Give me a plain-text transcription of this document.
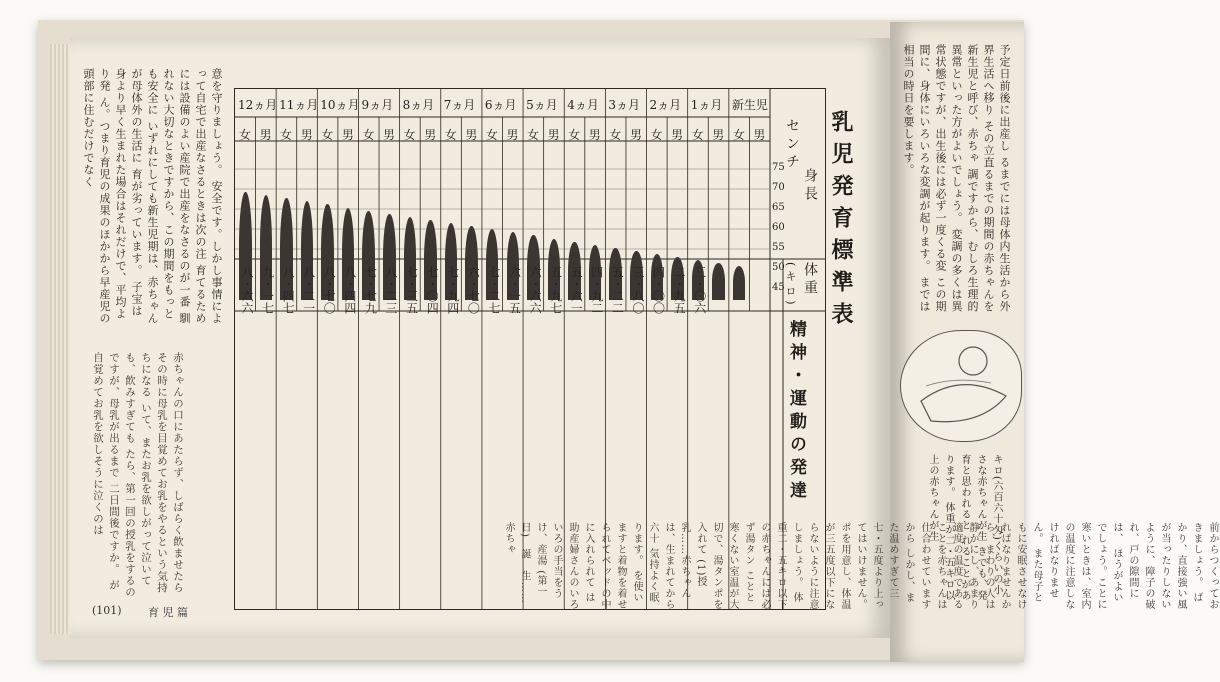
意を守りましょう。 安全です。しかし事情によって自宅で出産なさるときは次の注 育てるためには設備のよい産院で出産をなさるのが一番 馴れない大切なときですから、この期間をもっとも安全に いずれにしても新生児期は、赤ちゃんが母体外の生活に 育が劣っています。 子宝は身より早く生まれた場合はそれだけで、平均より発 ん。つまり育児の成果のほかから早産児の頭部に住むだけでなく	乳児発育標準表
精神・運動の発達
身長
センチ
体重
(キロ)
75
70
65
60
55
50
45
12ヵ月 11ヵ月 10ヵ月 9ヵ月 8ヵ月 7ヵ月 6ヵ月 5ヵ月 4ヵ月 3ヵ月 2ヵ月 1ヵ月 新生児
女 男 女 男 女 男 女 男 女 男 女 男 女 男 女 男 女 男 女 男 女 男 女 男 女 男
八・六六 九・一七 八・四七 八・二一 八・七〇 八・四四 七・七九 八・二三 七・三五 七・〇四 七・九四 六・七〇 七・二七 六・一五 六・六六 五・九七 五・六一 四・九二 五・二二 三・八〇 四・〇〇 二・九五 三・〇六
赤ちゃんの口にあたらず、しばらく飲ませたら その時に母乳を目覚めてお乳をやるという気持ちになる いて、またお乳を欲しがって泣いても、飲みすぎても たら、第一回の授乳をするのですが、母乳が出るまで 二日間後ですか。 が自覚めてお乳を欲しそうに泣くのは
前からつくっておきましょう。 ばかり、直接強い風が当ったりしないように、障子の破れ、戸の隙間には、 ほうがよいでしょう。ことに寒いときは、室内の温度に注意しなければなりません。 また母子ともに安眠させなければなりませんから、まわりの人は静かにし、あまり 適度の温度であることを赤ちゃんは仕合わせていますから しかし、また温めすぎて三七・五度より上ってはいけません。 ポを用意し、体温が三五度以下にならないように注意しましょう。 体重二・五キロ以下の赤ちゃんには必ず湯タン ことと寒くない室温が大切で、湯タンポを入れて (1)授　乳……赤ちゃんは、生まれてから六十 気持よく眠ります。 を使いますと着物を着せられてベッドの中に入れられて は助産婦さんのいろいろの手当をうけ、産湯 (第一日)　誕　生……赤ちゃ
(101) 育 児 篇
予定日前後に出産し るまでには母体内生活から外界生活へ移り その立直るまでの期間の赤ちゃんを新生児と呼び、赤ちゃ 調ですから、むしろ生理的異常といった方がよいでしょう。 変調の多くは異常状態ですが、出生後には必ず一度くる変 この期間に、身体にいろいろな変調が起ります。 までは相当の時日を要します。
キロ(六百六十匁)くらいの小さな赤ちゃんが生 きでも、発育と思われると れることがあります。 体重が二・五キロ以上の赤ちゃんが生
